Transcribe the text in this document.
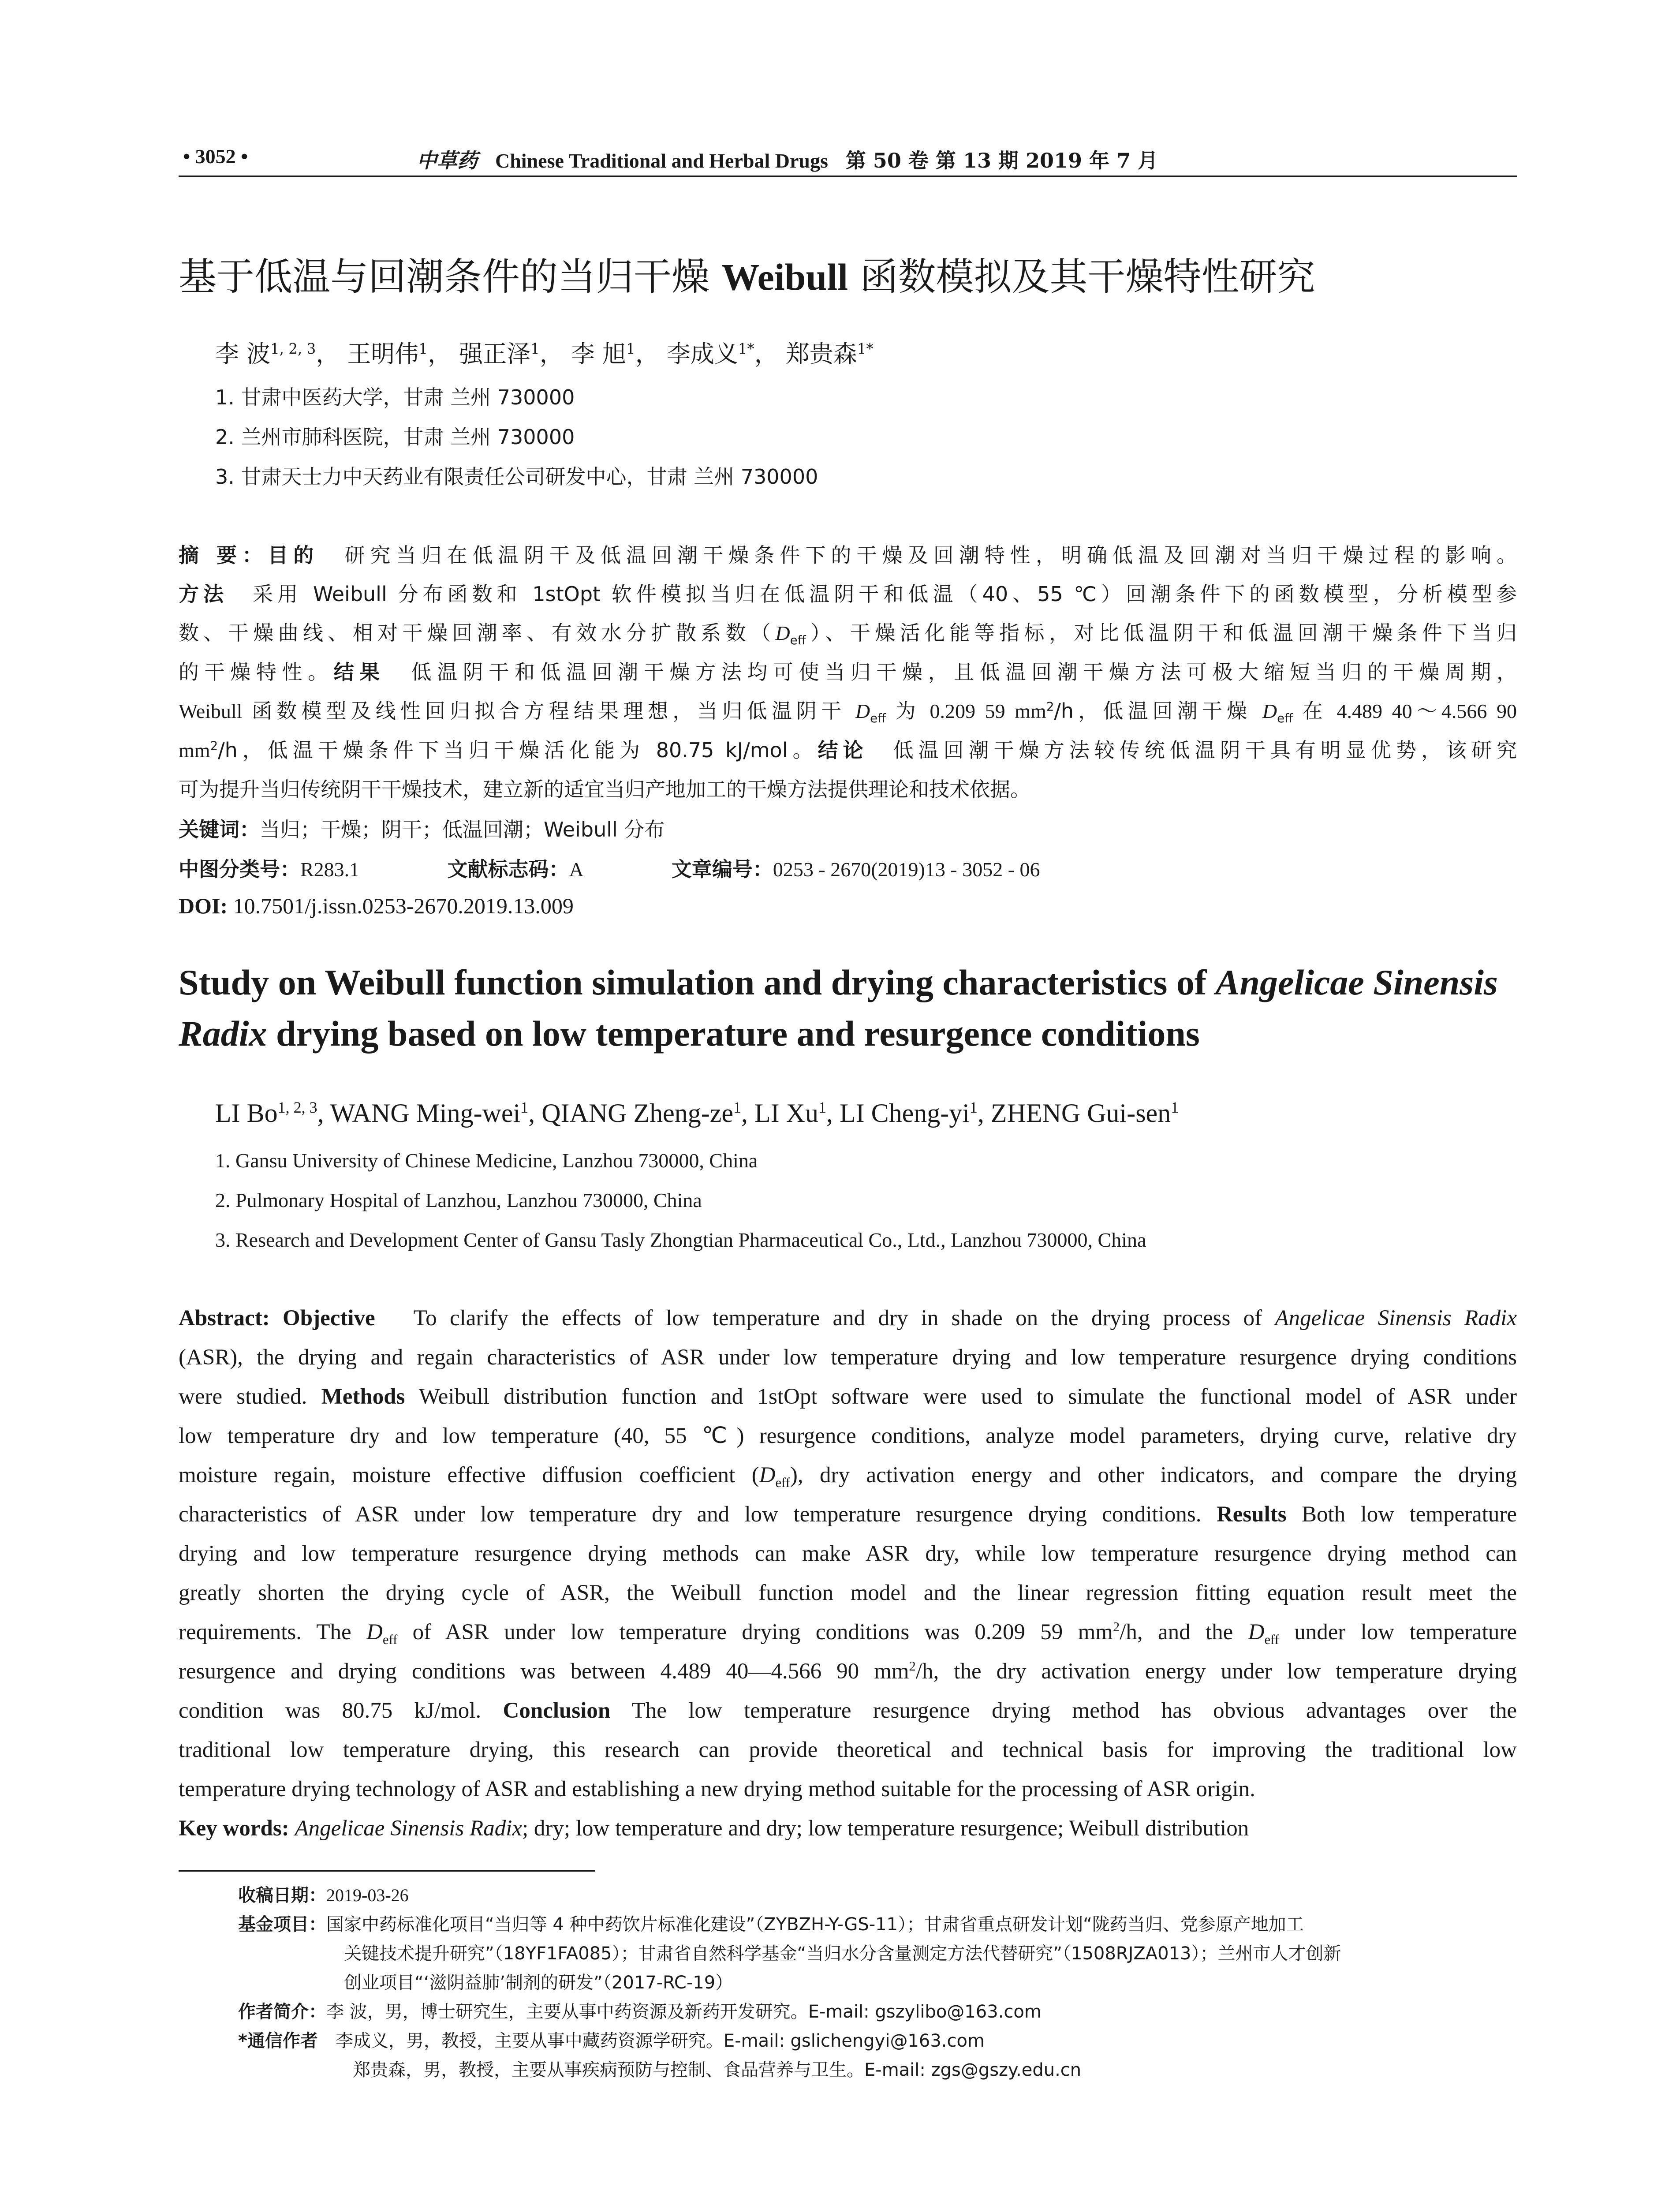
• 3052 •	中草药 Chinese Traditional and Herbal Drugs 第 50 卷 第 13 期 2019 年 7 月
基于低温与回潮条件的当归干燥 Weibull 函数模拟及其干燥特性研究
李 波$^{1, 2, 3}$， 王明伟$^1$， 强正泽$^1$， 李 旭$^1$， 李成义$^{1*}$， 郑贵森$^{1*}$
1. 甘肃中医药大学，甘肃 兰州 730000
2. 兰州市肺科医院，甘肃 兰州 730000
3. 甘肃天士力中天药业有限责任公司研发中心，甘肃 兰州 730000
摘 要：目的　 研究当归在低温阴干及低温回潮干燥条件下的干燥及回潮特性，明确低温及回潮对当归干燥过程的影响。
方法　 采用 Weibull 分布函数和 1stOpt 软件模拟当归在低温阴干和低温（40、55 ℃）回潮条件下的函数模型，分析模型参
数、干燥曲线、相对干燥回潮率、有效水分扩散系数$(D_{eff})$、干燥活化能等指标，对比低温阴干和低温回潮干燥条件下当归
的干燥特性。结果　 低温阴干和低温回潮干燥方法均可使当归干燥，且低温回潮干燥方法可极大缩短当归的干燥周期，
Weibull 函数模型及线性回归拟合方程结果理想，当归低温阴干 $D_{eff}$ 为 0.209 59 $mm^2/h$，低温回潮干燥 $D_{eff}$ 在 4.489 40～4.566 90
$mm^2/h$，低温干燥条件下当归干燥活化能为 80.75 kJ/mol。结论　 低温回潮干燥方法较传统低温阴干具有明显优势，该研究
可为提升当归传统阴干干燥技术，建立新的适宜当归产地加工的干燥方法提供理论和技术依据。
关键词：当归；干燥；阴干；低温回潮；Weibull 分布
中图分类号：R283.1	文献标志码：A	文章编号：0253 - 2670(2019)13 - 3052 - 06
DOI: 10.7501/j.issn.0253-2670.2019.13.009
Study on Weibull function simulation and drying characteristics of Angelicae Sinensis Radix drying based on low temperature and resurgence conditions
LI Bo$^{1, 2, 3}$, WANG Ming-wei$^1$, QIANG Zheng-$ze^1$, LI Xu$^1$, LI Cheng-$yi^1$, ZHENG Gui-sen$^1$
1. Gansu University of Chinese Medicine, Lanzhou 730000, China
2. Pulmonary Hospital of Lanzhou, Lanzhou 730000, China
3. Research and Development Center of Gansu Tasly Zhongtian Pharmaceutical Co., Ltd., Lanzhou 730000, China
Abstract: Objective To clarify the effects of low temperature and dry in shade on the drying process of Angelicae Sinensis Radix
(ASR), the drying and regain characteristics of ASR under low temperature drying and low temperature resurgence drying conditions
were studied. Methods Weibull distribution function and 1stOpt software were used to simulate the functional model of ASR under
low temperature dry and low temperature (40, 55 ℃) resurgence conditions, analyze model parameters, drying curve, relative dry
moisture regain, moisture effective diffusion coefficient $(D_{eff})$, dry activation energy and other indicators, and compare the drying
characteristics of ASR under low temperature dry and low temperature resurgence drying conditions. Results Both low temperature
drying and low temperature resurgence drying methods can make ASR dry, while low temperature resurgence drying method can
greatly shorten the drying cycle of ASR, the Weibull function model and the linear regression fitting equation result meet the
requirements. The $D_{eff}$ of ASR under low temperature drying conditions was 0.209 59 $mm^2/h$, and the $D_{eff}$ under low temperature
resurgence and drying conditions was between 4.489 40—4.566 90 $mm^2/h$, the dry activation energy under low temperature drying
condition was 80.75 kJ/mol. Conclusion The low temperature resurgence drying method has obvious advantages over the
traditional low temperature drying, this research can provide theoretical and technical basis for improving the traditional low
temperature drying technology of ASR and establishing a new drying method suitable for the processing of ASR origin.
Key words: Angelicae Sinensis Radix; dry; low temperature and dry; low temperature resurgence; Weibull distribution
收稿日期：2019-03-26
基金项目：国家中药标准化项目“当归等 4 种中药饮片标准化建设”（ZYBZH-Y-GS-11）；甘肃省重点研发计划“陇药当归、党参原产地加工
关键技术提升研究”（18YF1FA085）；甘肃省自然科学基金“当归水分含量测定方法代替研究”（1508RJZA013）；兰州市人才创新
创业项目“‘滋阴益肺’制剂的研发”（2017-RC-19）
作者简介：李 波，男，博士研究生，主要从事中药资源及新药开发研究。E-mail: gszylibo@163.com
*通信作者　 李成义，男，教授，主要从事中藏药资源学研究。E-mail: gslichengyi@163.com
郑贵森，男，教授，主要从事疾病预防与控制、食品营养与卫生。E-mail: zgs@gszy.edu.cn
